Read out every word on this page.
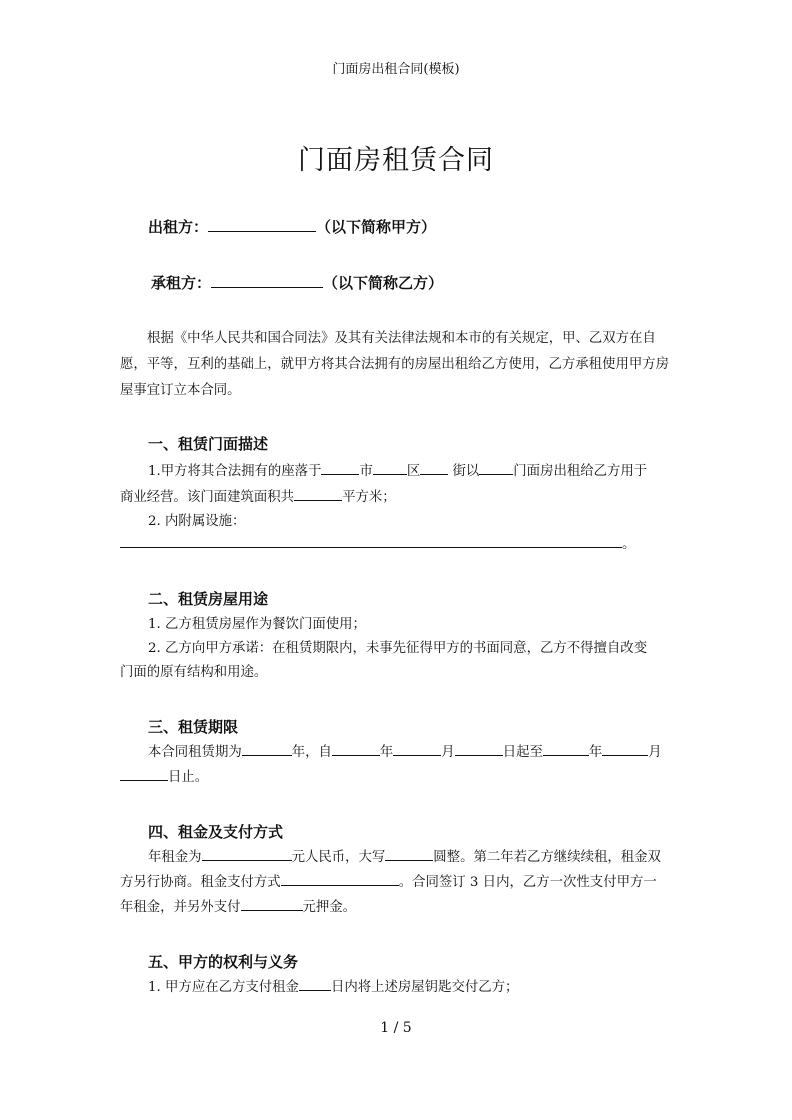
门面房出租合同(模板)
门面房租赁合同
出租方：	（以下简称甲方）
承租方：	（以下简称乙方）
根据《中华人民共和国合同法》及其有关法律法规和本市的有关规定，甲、乙双方在自愿，平等，互利的基础上，就甲方将其合法拥有的房屋出租给乙方使用，乙方承租使用甲方房屋事宜订立本合同。
一、租赁门面描述
1.甲方将其合法拥有的座落于	市	区 街以	门面房出租给乙方用于
商业经营。该门面建筑面积共	平方米；
2. 内附属设施：
。
二、租赁房屋用途
1. 乙方租赁房屋作为餐饮门面使用；
2. 乙方向甲方承诺：在租赁期限内，未事先征得甲方的书面同意，乙方不得擅自改变
门面的原有结构和用途。
三、租赁期限
本合同租赁期为	年，自	年	月	日起至	年	月
日止。
四、租金及支付方式
年租金为	元人民币，大写	圆整。第二年若乙方继续续租，租金双
方另行协商。租金支付方式	。合同签订 3 日内，乙方一次性支付甲方一
年租金，并另外支付	元押金。
五、甲方的权利与义务
1. 甲方应在乙方支付租金 日内将上述房屋钥匙交付乙方；
1 / 5
